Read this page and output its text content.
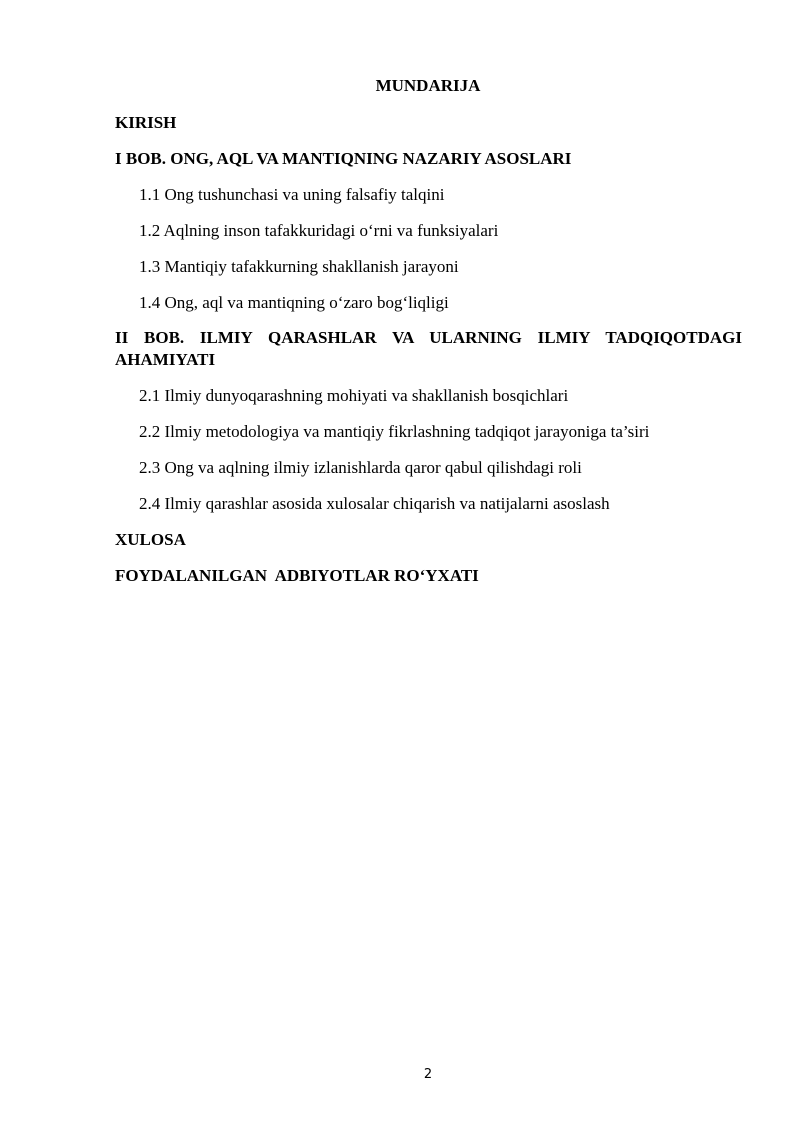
MUNDARIJA
KIRISH
I BOB. ONG, AQL VA MANTIQNING NAZARIY ASOSLARI
1.1 Ong tushunchasi va uning falsafiy talqini
1.2 Aqlning inson tafakkuridagi o‘rni va funksiyalari
1.3 Mantiqiy tafakkurning shakllanish jarayoni
1.4 Ong, aql va mantiqning o‘zaro bog‘liqligi
II BOB. ILMIY QARASHLAR VA ULARNING ILMIY TADQIQOTDAGI AHAMIYATI
2.1 Ilmiy dunyoqarashning mohiyati va shakllanish bosqichlari
2.2 Ilmiy metodologiya va mantiqiy fikrlashning tadqiqot jarayoniga ta’siri
2.3 Ong va aqlning ilmiy izlanishlarda qaror qabul qilishdagi roli
2.4 Ilmiy qarashlar asosida xulosalar chiqarish va natijalarni asoslash
XULOSA
FOYDALANILGAN  ADBIYOTLAR RO‘YXATI
2
